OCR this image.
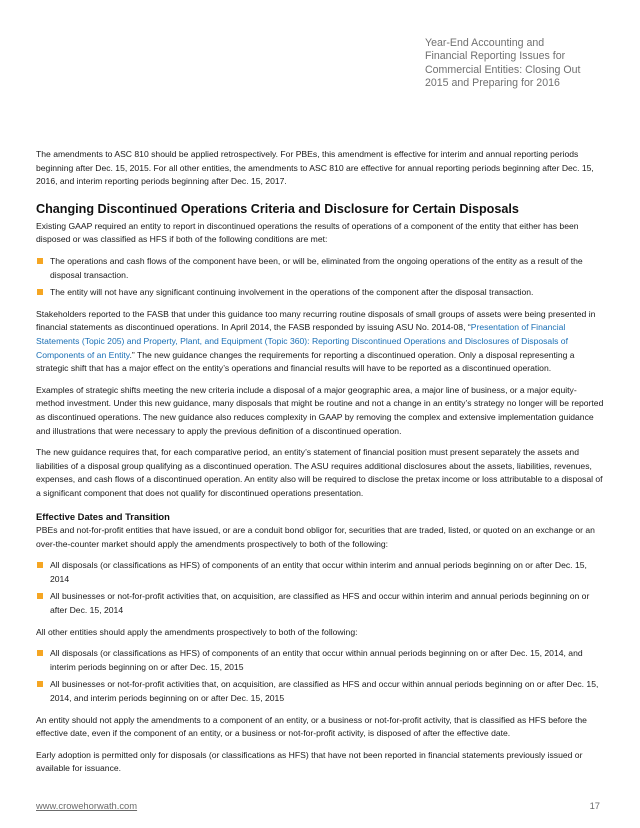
Year-End Accounting and
Financial Reporting Issues for
Commercial Entities: Closing Out
2015 and Preparing for 2016

The amendments to ASC 810 should be applied retrospectively. For PBEs, this amendment is effective for interim and annual reporting periods beginning after Dec. 15, 2015. For all other entities, the amendments to ASC 810 are effective for annual reporting periods beginning after Dec. 15, 2016, and interim reporting periods beginning after Dec. 15, 2017.

Changing Discontinued Operations Criteria and Disclosure for Certain Disposals

Existing GAAP required an entity to report in discontinued operations the results of operations of a component of the entity that either has been disposed or was classified as HFS if both of the following conditions are met:

The operations and cash flows of the component have been, or will be, eliminated from the ongoing operations of the entity as a result of the disposal transaction.
The entity will not have any significant continuing involvement in the operations of the component after the disposal transaction.

Stakeholders reported to the FASB that under this guidance too many recurring routine disposals of small groups of assets were being presented in financial statements as discontinued operations. In April 2014, the FASB responded by issuing ASU No. 2014-08, “Presentation of Financial Statements (Topic 205) and Property, Plant, and Equipment (Topic 360): Reporting Discontinued Operations and Disclosures of Disposals of Components of an Entity.” The new guidance changes the requirements for reporting a discontinued operation. Only a disposal representing a strategic shift that has a major effect on the entity’s operations and financial results will have to be reported as a discontinued operation.

Examples of strategic shifts meeting the new criteria include a disposal of a major geographic area, a major line of business, or a major equity-method investment. Under this new guidance, many disposals that might be routine and not a change in an entity’s strategy no longer will be reported as discontinued operations. The new guidance also reduces complexity in GAAP by removing the complex and extensive implementation guidance and illustrations that were necessary to apply the previous definition of a discontinued operation.

The new guidance requires that, for each comparative period, an entity’s statement of financial position must present separately the assets and liabilities of a disposal group qualifying as a discontinued operation. The ASU requires additional disclosures about the assets, liabilities, revenues, expenses, and cash flows of a discontinued operation. An entity also will be required to disclose the pretax income or loss attributable to a disposal of a significant component that does not qualify for discontinued operations presentation.

Effective Dates and Transition

PBEs and not-for-profit entities that have issued, or are a conduit bond obligor for, securities that are traded, listed, or quoted on an exchange or an over-the-counter market should apply the amendments prospectively to both of the following:

All disposals (or classifications as HFS) of components of an entity that occur within interim and annual periods beginning on or after Dec. 15, 2014
All businesses or not-for-profit activities that, on acquisition, are classified as HFS and occur within interim and annual periods beginning on or after Dec. 15, 2014

All other entities should apply the amendments prospectively to both of the following:

All disposals (or classifications as HFS) of components of an entity that occur within annual periods beginning on or after Dec. 15, 2014, and interim periods beginning on or after Dec. 15, 2015
All businesses or not-for-profit activities that, on acquisition, are classified as HFS and occur within annual periods beginning on or after Dec. 15, 2014, and interim periods beginning on or after Dec. 15, 2015

An entity should not apply the amendments to a component of an entity, or a business or not-for-profit activity, that is classified as HFS before the effective date, even if the component of an entity, or a business or not-for-profit activity, is disposed of after the effective date.

Early adoption is permitted only for disposals (or classifications as HFS) that have not been reported in financial statements previously issued or available for issuance.

www.crowehorwath.com	17
